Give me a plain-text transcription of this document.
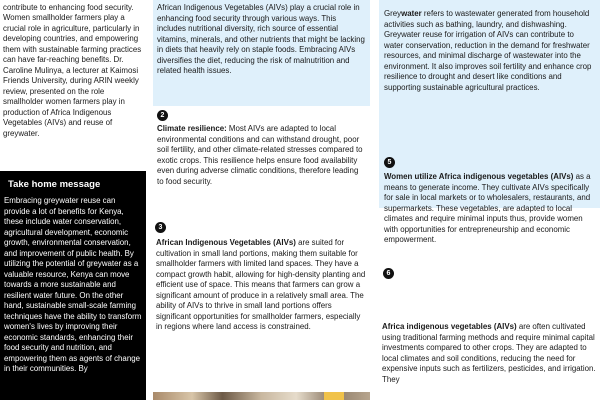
contribute to enhancing food security. Women smallholder farmers play a crucial role in agriculture, particularly in developing countries, and empowering them with sustainable farming practices can have far-reaching benefits. Dr. Caroline Mulinya, a lecturer at Kaimosi Friends University, during ARIN weekly review, presented on the role smallholder women farmers play in production of Africa Indigenous Vegetables (AIVs) and reuse of greywater.

Take home message

Embracing greywater reuse can provide a lot of benefits for Kenya, these include water conservation, agricultural development, economic growth, environmental conservation, and improvement of public health. By utilizing the potential of greywater as a valuable resource, Kenya can move towards a more sustainable and resilient water future. On the other hand, sustainable small-scale farming techniques have the ability to transform women's lives by improving their economic standards, enhancing their food security and nutrition, and empowering them as agents of change in their communities. By

African Indigenous Vegetables (AIVs) play a crucial role in enhancing food security through various ways. This includes nutritional diversity, rich source of essential vitamins, minerals, and other nutrients that might be lacking in diets that heavily rely on staple foods. Embracing AIVs diversifies the diet, reducing the risk of malnutrition and related health issues.
2

Climate resilience: Most AIVs are adapted to local environmental conditions and can withstand drought, poor soil fertility, and other climate-related stresses compared to exotic crops. This resilience helps ensure food availability even during adverse climatic conditions, therefore leading to food security.

3

African Indigenous Vegetables (AIVs) are suited for cultivation in small land portions, making them suitable for smallholder farmers with limited land spaces. They have a compact growth habit, allowing for high-density planting and efficient use of space. This means that farmers can grow a significant amount of produce in a relatively small area. The ability of AIVs to thrive in small land portions offers significant opportunities for smallholder farmers, especially in regions where land access is constrained.

Greywater refers to wastewater generated from household activities such as bathing, laundry, and dishwashing. Greywater reuse for irrigation of AIVs can contribute to water conservation, reduction in the demand for freshwater resources, and minimal discharge of wastewater into the environment. It also improves soil fertility and enhance crop resilience to drought and desert like conditions and supporting sustainable agricultural practices.
5

Women utilize Africa indigenous vegetables (AIVs) as a means to generate income. They cultivate AIVs specifically for sale in local markets or to wholesalers, restaurants, and supermarkets. These vegetables, are adapted to local climates and require minimal inputs thus, provide women with opportunities for entrepreneurship and economic empowerment.

6

Africa indigenous vegetables (AIVs) are often cultivated using traditional farming methods and require minimal capital investments compared to other crops. They are adapted to local climates and soil conditions, reducing the need for expensive inputs such as fertilizers, pesticides, and irrigation. They
